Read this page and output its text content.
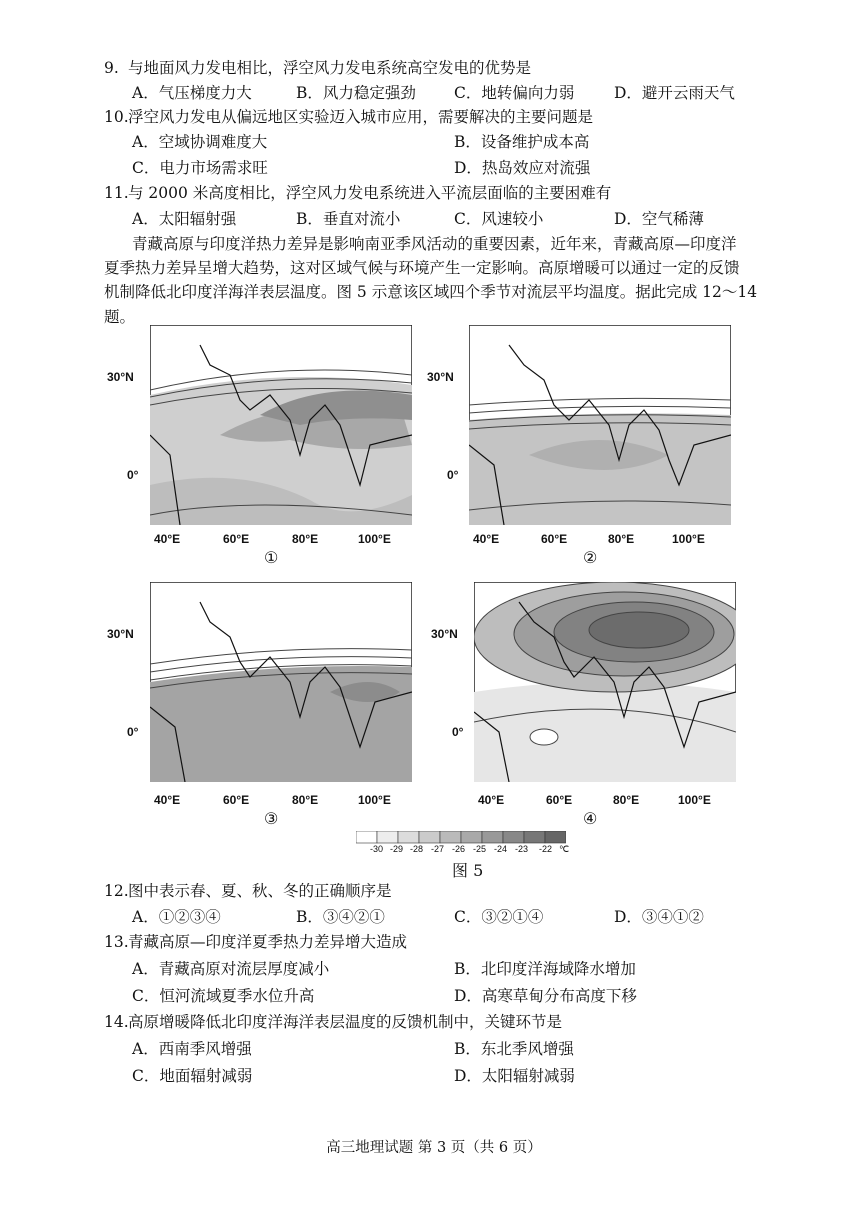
9. 与地面风力发电相比，浮空风力发电系统高空发电的优势是
A．气压梯度力大	B．风力稳定强劲 C．地转偏向力弱	D．避开云雨天气
10.浮空风力发电从偏远地区实验迈入城市应用，需要解决的主要问题是
A．空域协调难度大	B．设备维护成本高
C．电力市场需求旺	D．热岛效应对流强
11.与 2000 米高度相比，浮空风力发电系统进入平流层面临的主要困难有
A．太阳辐射强	B．垂直对流小	C．风速较小	D．空气稀薄
青藏高原与印度洋热力差异是影响南亚季风活动的重要因素，近年来，青藏高原—印度洋
夏季热力差异呈增大趋势，这对区域气候与环境产生一定影响。高原增暖可以通过一定的反馈
机制降低北印度洋海洋表层温度。图 5 示意该区域四个季节对流层平均温度。据此完成 12～14
题。
30°N
0°
40°E	60°E	80°E	100°E
①
30°N
0°
40°E	60°E	80°E	100°E
②
30°N
0°
40°E	60°E	80°E	100°E
③
30°N
0°
40°E	60°E	80°E	100°E
④
-30 -29 -28 -27 -26 -25 -24 -23 -22 ℃
图 5
12.图中表示春、夏、秋、冬的正确顺序是
A．①②③④	B．③④②①	C．③②①④	D．③④①②
13.青藏高原—印度洋夏季热力差异增大造成
A．青藏高原对流层厚度减小	B．北印度洋海域降水增加
C．恒河流域夏季水位升高	D．高寒草甸分布高度下移
14.高原增暖降低北印度洋海洋表层温度的反馈机制中，关键环节是
A．西南季风增强	B．东北季风增强
C．地面辐射减弱	D．太阳辐射减弱
高三地理试题 第 3 页（共 6 页）
